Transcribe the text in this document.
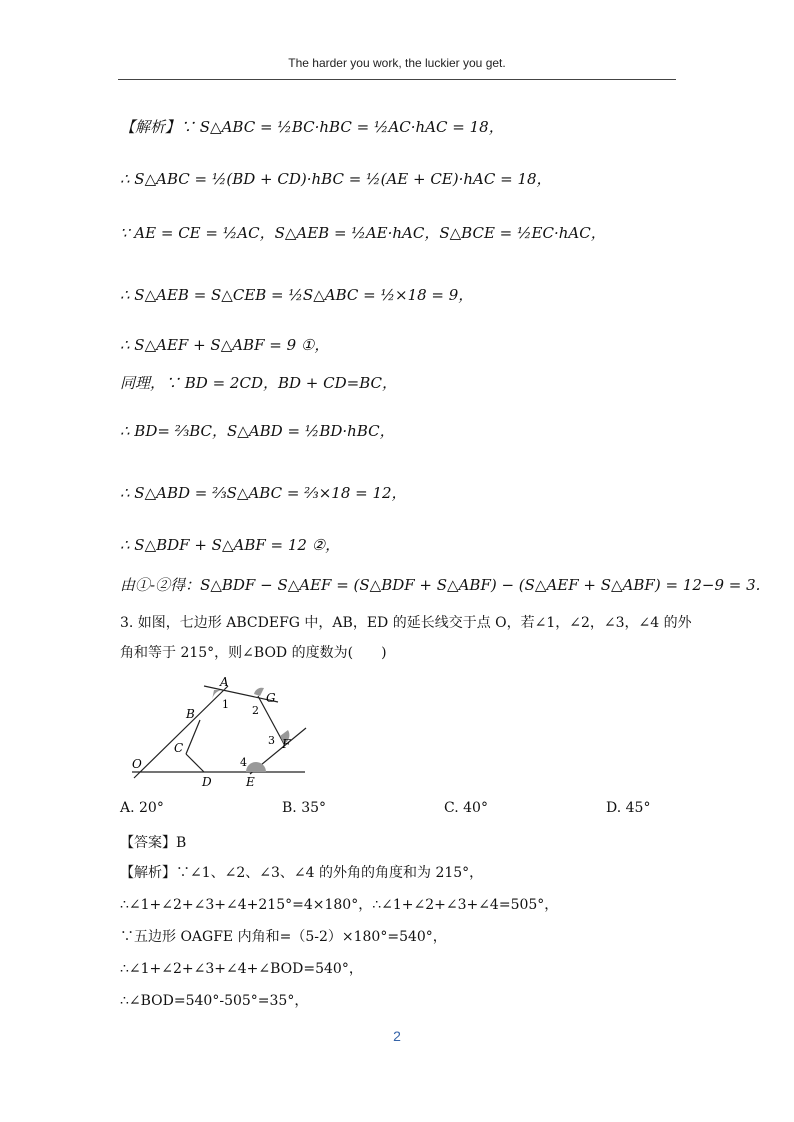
The harder you work, the luckier you get.
【解析】∵ S△ABC = ½BC·hBC = ½AC·hAC = 18，
∴ S△ABC = ½(BD + CD)·hBC = ½(AE + CE)·hAC = 18，
∵ AE = CE = ½AC，S△AEB = ½AE·hAC，S△BCE = ½EC·hAC，
∴ S△AEB = S△CEB = ½S△ABC = ½×18 = 9，
∴ S△AEF + S△ABF = 9 ①，
同理，∵ BD = 2CD，BD + CD=BC，
∴ BD= ⅔BC，S△ABD = ½BD·hBC，
∴ S△ABD = ⅔S△ABC = ⅔×18 = 12，
∴ S△BDF + S△ABF = 12 ②，
由①-②得：S△BDF − S△AEF = (S△BDF + S△ABF) − (S△AEF + S△ABF) = 12−9 = 3.
3. 如图，七边形 ABCDEFG 中，AB，ED 的延长线交于点 O，若∠1，∠2，∠3，∠4 的外
角和等于 215°，则∠BOD 的度数为(　　)
A
B
C
D	E
F
G
O
1 2
3
4
A. 20°	B. 35°	C. 40°	D. 45°
【答案】B
【解析】∵∠1、∠2、∠3、∠4 的外角的角度和为 215°，
∴∠1+∠2+∠3+∠4+215°=4×180°，∴∠1+∠2+∠3+∠4=505°，
∵五边形 OAGFE 内角和=（5-2）×180°=540°，
∴∠1+∠2+∠3+∠4+∠BOD=540°，
∴∠BOD=540°-505°=35°，
2
